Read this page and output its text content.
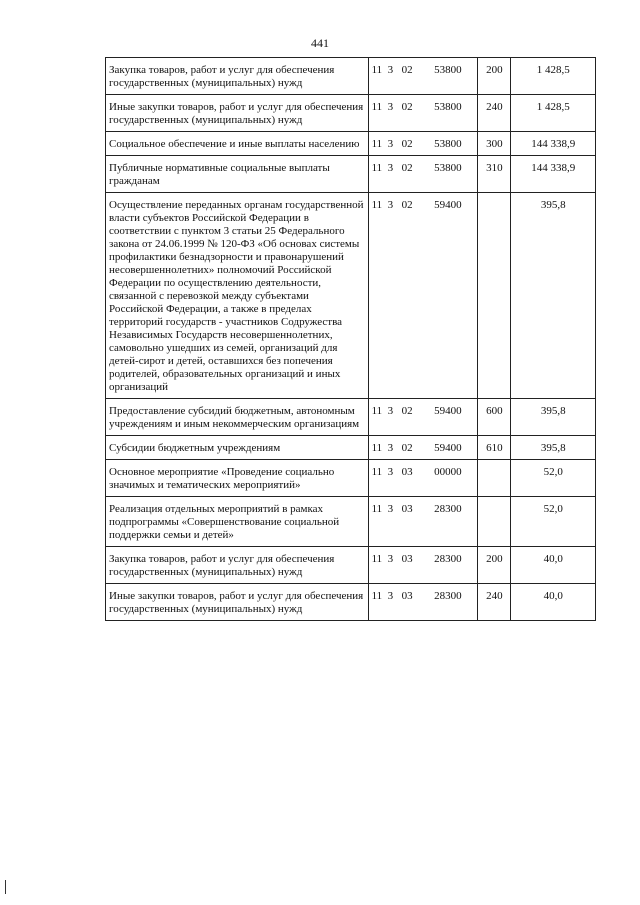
441
Закупка товаров, работ и услуг для обеспечения государственных (муниципальных) нужд	11 3 02 53800	200	1 428,5
Иные закупки товаров, работ и услуг для обеспечения государственных (муниципальных) нужд	11 3 02 53800	240	1 428,5
Социальное обеспечение и иные выплаты населению	11 3 02 53800	300	144 338,9
Публичные нормативные социальные выплаты гражданам	11 3 02 53800	310	144 338,9
Осуществление переданных органам государственной власти субъектов Российской Федерации в соответствии с пунктом 3 статьи 25 Федерального закона от 24.06.1999 № 120-ФЗ «Об основах системы профилактики безнадзорности и правонарушений несовершеннолетних» полномочий Российской Федерации по осуществлению деятельности, связанной с перевозкой между субъектами Российской Федерации, а также в пределах территорий государств - участников Содружества Независимых Государств несовершеннолетних, самовольно ушедших из семей, организаций для детей-сирот и детей, оставшихся без попечения родителей, образовательных организаций и иных организаций	11 3 02 59400		395,8
Предоставление субсидий бюджетным, автономным учреждениям и иным некоммерческим организациям	11 3 02 59400	600	395,8
Субсидии бюджетным учреждениям	11 3 02 59400	610	395,8
Основное мероприятие «Проведение социально значимых и тематических мероприятий»	11 3 03 00000		52,0
Реализация отдельных мероприятий в рамках подпрограммы «Совершенствование социальной поддержки семьи и детей»	11 3 03 28300		52,0
Закупка товаров, работ и услуг для обеспечения государственных (муниципальных) нужд	11 3 03 28300	200	40,0
Иные закупки товаров, работ и услуг для обеспечения государственных (муниципальных) нужд	11 3 03 28300	240	40,0
